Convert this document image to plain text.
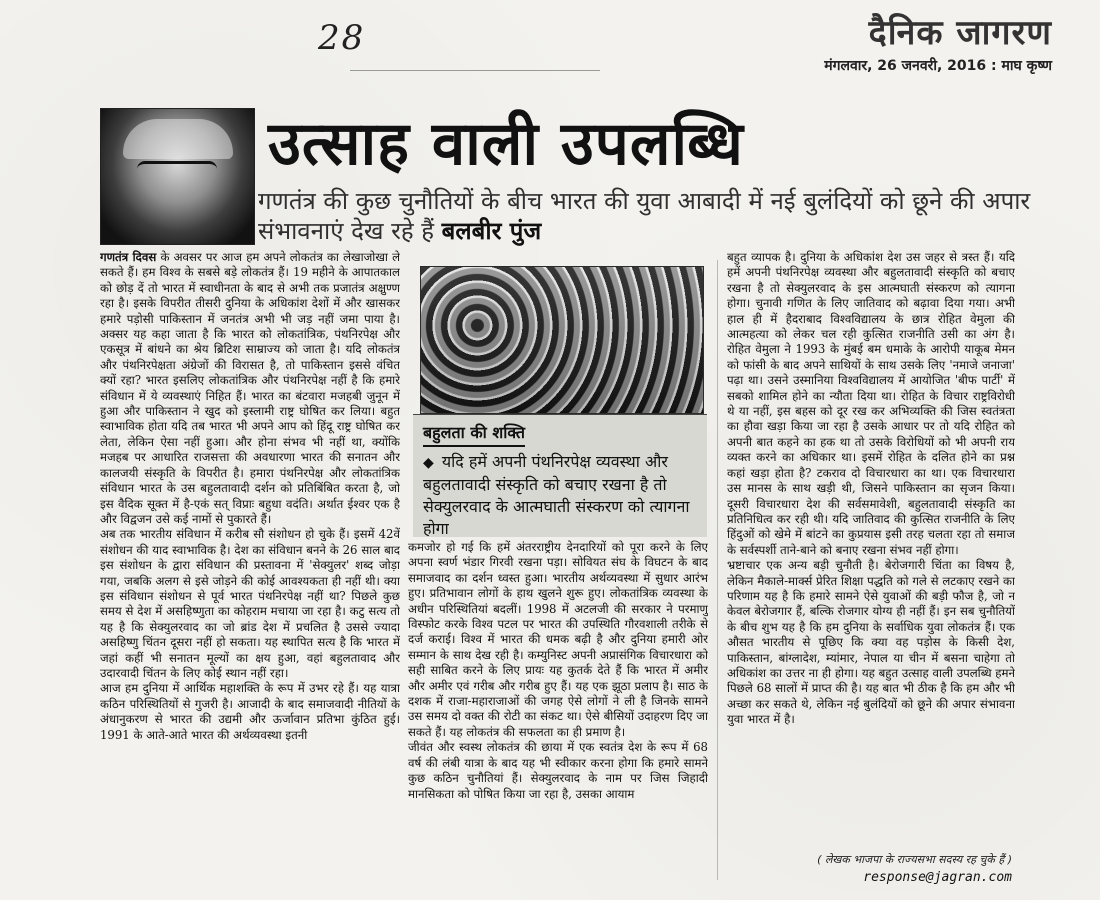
28	दैनिक जागरण
मंगलवार, 26 जनवरी, 2016 : माघ कृष्ण
उत्साह वाली उपलब्धि
गणतंत्र की कुछ चुनौतियों के बीच भारत की युवा आबादी में नई बुलंदियों को छूने की अपार संभावनाएं देख रहे हैं बलबीर पुंज

गणतंत्र दिवस के अवसर पर आज हम अपने लोकतंत्र का लेखाजोखा ले सकते हैं। हम विश्व के सबसे बड़े लोकतंत्र हैं। 19 महीने के आपातकाल को छोड़ दें तो भारत में स्वाधीनता के बाद से अभी तक प्रजातंत्र अक्षुण्ण रहा है। इसके विपरीत तीसरी दुनिया के अधिकांश देशों में और खासकर हमारे पड़ोसी पाकिस्तान में जनतंत्र अभी भी जड़ नहीं जमा पाया है। अक्सर यह कहा जाता है कि भारत को लोकतांत्रिक, पंथनिरपेक्ष और एकसूत्र में बांधने का श्रेय ब्रिटिश साम्राज्य को जाता है। यदि लोकतंत्र और पंथनिरपेक्षता अंग्रेजों की विरासत है, तो पाकिस्तान इससे वंचित क्यों रहा? भारत इसलिए लोकतांत्रिक और पंथनिरपेक्ष नहीं है कि हमारे संविधान में ये व्यवस्थाएं निहित हैं। भारत का बंटवारा मजहबी जुनून में हुआ और पाकिस्तान ने खुद को इस्लामी राष्ट्र घोषित कर लिया। बहुत स्वाभाविक होता यदि तब भारत भी अपने आप को हिंदू राष्ट्र घोषित कर लेता, लेकिन ऐसा नहीं हुआ। और होना संभव भी नहीं था, क्योंकि मजहब पर आधारित राजसत्ता की अवधारणा भारत की सनातन और कालजयी संस्कृति के विपरीत है। हमारा पंथनिरपेक्ष और लोकतांत्रिक संविधान भारत के उस बहुलतावादी दर्शन को प्रतिबिंबित करता है, जो इस वैदिक सूक्त में है-एकं सत् विप्राः बहुधा वदंति। अर्थात ईश्वर एक है और विद्वजन उसे कई नामों से पुकारते हैं।

अब तक भारतीय संविधान में करीब सौ संशोधन हो चुके हैं। इसमें 42वें संशोधन की याद स्वाभाविक है। देश का संविधान बनने के 26 साल बाद इस संशोधन के द्वारा संविधान की प्रस्तावना में 'सेक्युलर' शब्द जोड़ा गया, जबकि अलग से इसे जोड़ने की कोई आवश्यकता ही नहीं थी। क्या इस संविधान संशोधन से पूर्व भारत पंथनिरपेक्ष नहीं था? पिछले कुछ समय से देश में असहिष्णुता का कोहराम मचाया जा रहा है। कटु सत्य तो यह है कि सेक्युलरवाद का जो ब्रांड देश में प्रचलित है उससे ज्यादा असहिष्णु चिंतन दूसरा नहीं हो सकता। यह स्थापित सत्य है कि भारत में जहां कहीं भी सनातन मूल्यों का क्षय हुआ, वहां बहुलतावाद और उदारवादी चिंतन के लिए कोई स्थान नहीं रहा।

आज हम दुनिया में आर्थिक महाशक्ति के रूप में उभर रहे हैं। यह यात्रा कठिन परिस्थितियों से गुजरी है। आजादी के बाद समाजवादी नीतियों के अंधानुकरण से भारत की उद्यमी और ऊर्जावान प्रतिभा कुंठित हुई। 1991 के आते-आते भारत की अर्थव्यवस्था इतनी

बहुलता की शक्ति
◆ यदि हमें अपनी पंथनिरपेक्ष व्यवस्था और बहुलतावादी संस्कृति को बचाए रखना है तो सेक्युलरवाद के आत्मघाती संस्करण को त्यागना होगा

कमजोर हो गई कि हमें अंतरराष्ट्रीय देनदारियों को पूरा करने के लिए अपना स्वर्ण भंडार गिरवी रखना पड़ा। सोवियत संघ के विघटन के बाद समाजवाद का दर्शन ध्वस्त हुआ। भारतीय अर्थव्यवस्था में सुधार आरंभ हुए। प्रतिभावान लोगों के हाथ खुलने शुरू हुए। लोकतांत्रिक व्यवस्था के अधीन परिस्थितियां बदलीं। 1998 में अटलजी की सरकार ने परमाणु विस्फोट करके विश्व पटल पर भारत की उपस्थिति गौरवशाली तरीके से दर्ज कराई। विश्व में भारत की धमक बढ़ी है और दुनिया हमारी ओर सम्मान के साथ देख रही है। कम्युनिस्ट अपनी अप्रासंगिक विचारधारा को सही साबित करने के लिए प्रायः यह कुतर्क देते हैं कि भारत में अमीर और अमीर एवं गरीब और गरीब हुए हैं। यह एक झूठा प्रलाप है। साठ के दशक में राजा-महाराजाओं की जगह ऐसे लोगों ने ली है जिनके सामने उस समय दो वक्त की रोटी का संकट था। ऐसे बीसियों उदाहरण दिए जा सकते हैं। यह लोकतंत्र की सफलता का ही प्रमाण है।

जीवंत और स्वस्थ लोकतंत्र की छाया में एक स्वतंत्र देश के रूप में 68 वर्ष की लंबी यात्रा के बाद यह भी स्वीकार करना होगा कि हमारे सामने कुछ कठिन चुनौतियां हैं। सेक्युलरवाद के नाम पर जिस जिहादी मानसिकता को पोषित किया जा रहा है, उसका आयाम

बहुत व्यापक है। दुनिया के अधिकांश देश उस जहर से त्रस्त हैं। यदि हमें अपनी पंथनिरपेक्ष व्यवस्था और बहुलतावादी संस्कृति को बचाए रखना है तो सेक्युलरवाद के इस आत्मघाती संस्करण को त्यागना होगा। चुनावी गणित के लिए जातिवाद को बढ़ावा दिया गया। अभी हाल ही में हैदराबाद विश्वविद्यालय के छात्र रोहित वेमुला की आत्महत्या को लेकर चल रही कुत्सित राजनीति उसी का अंग है। रोहित वेमुला ने 1993 के मुंबई बम धमाके के आरोपी याकूब मेमन को फांसी के बाद अपने साथियों के साथ उसके लिए 'नमाजे जनाजा' पढ़ा था। उसने उस्मानिया विश्वविद्यालय में आयोजित 'बीफ पार्टी' में सबको शामिल होने का न्यौता दिया था। रोहित के विचार राष्ट्रविरोधी थे या नहीं, इस बहस को दूर रख कर अभिव्यक्ति की जिस स्वतंत्रता का हौवा खड़ा किया जा रहा है उसके आधार पर तो यदि रोहित को अपनी बात कहने का हक था तो उसके विरोधियों को भी अपनी राय व्यक्त करने का अधिकार था। इसमें रोहित के दलित होने का प्रश्न कहां खड़ा होता है? टकराव दो विचारधारा का था। एक विचारधारा उस मानस के साथ खड़ी थी, जिसने पाकिस्तान का सृजन किया। दूसरी विचारधारा देश की सर्वसमावेशी, बहुलतावादी संस्कृति का प्रतिनिधित्व कर रही थी। यदि जातिवाद की कुत्सित राजनीति के लिए हिंदुओं को खेमे में बांटने का कुप्रयास इसी तरह चलता रहा तो समाज के सर्वस्पर्शी ताने-बाने को बनाए रखना संभव नहीं होगा।

भ्रष्टाचार एक अन्य बड़ी चुनौती है। बेरोजगारी चिंता का विषय है, लेकिन मैकाले-मार्क्स प्रेरित शिक्षा पद्धति को गले से लटकाए रखने का परिणाम यह है कि हमारे सामने ऐसे युवाओं की बड़ी फौज है, जो न केवल बेरोजगार हैं, बल्कि रोजगार योग्य ही नहीं हैं। इन सब चुनौतियों के बीच शुभ यह है कि हम दुनिया के सर्वाधिक युवा लोकतंत्र हैं। एक औसत भारतीय से पूछिए कि क्या वह पड़ोस के किसी देश, पाकिस्तान, बांग्लादेश, म्यांमार, नेपाल या चीन में बसना चाहेगा तो अधिकांश का उत्तर ना ही होगा। यह बहुत उत्साह वाली उपलब्धि हमने पिछले 68 सालों में प्राप्त की है। यह बात भी ठीक है कि हम और भी अच्छा कर सकते थे, लेकिन नई बुलंदियों को छूने की अपार संभावना युवा भारत में है।

( लेखक भाजपा के राज्यसभा सदस्य रह चुके हैं )
response@jagran.com
